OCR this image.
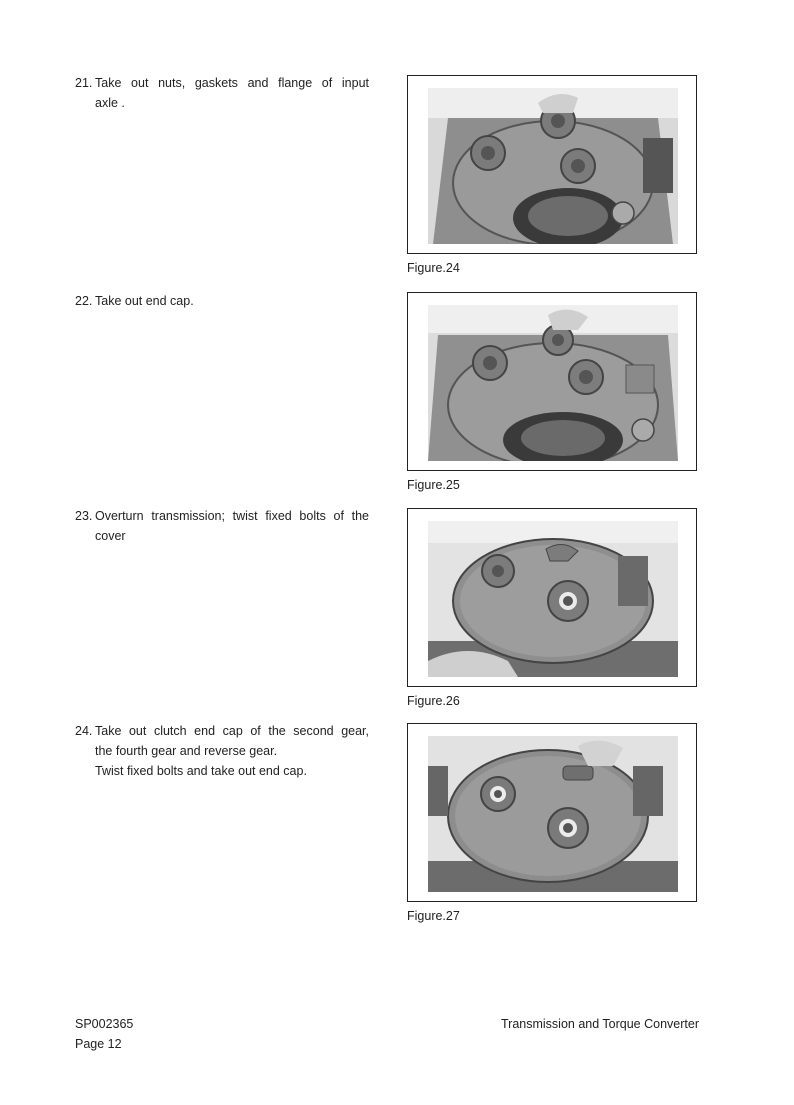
21. Take out nuts, gaskets and flange of input
axle .
22. Take out end cap.
23. Overturn transmission; twist fixed bolts of the
cover
24. Take out clutch end cap of the second gear,
the fourth gear and reverse gear.
Twist fixed bolts and take out end cap.
Figure.24
Figure.25
Figure.26
Figure.27
SP002365
Page 12
Transmission and Torque Converter
